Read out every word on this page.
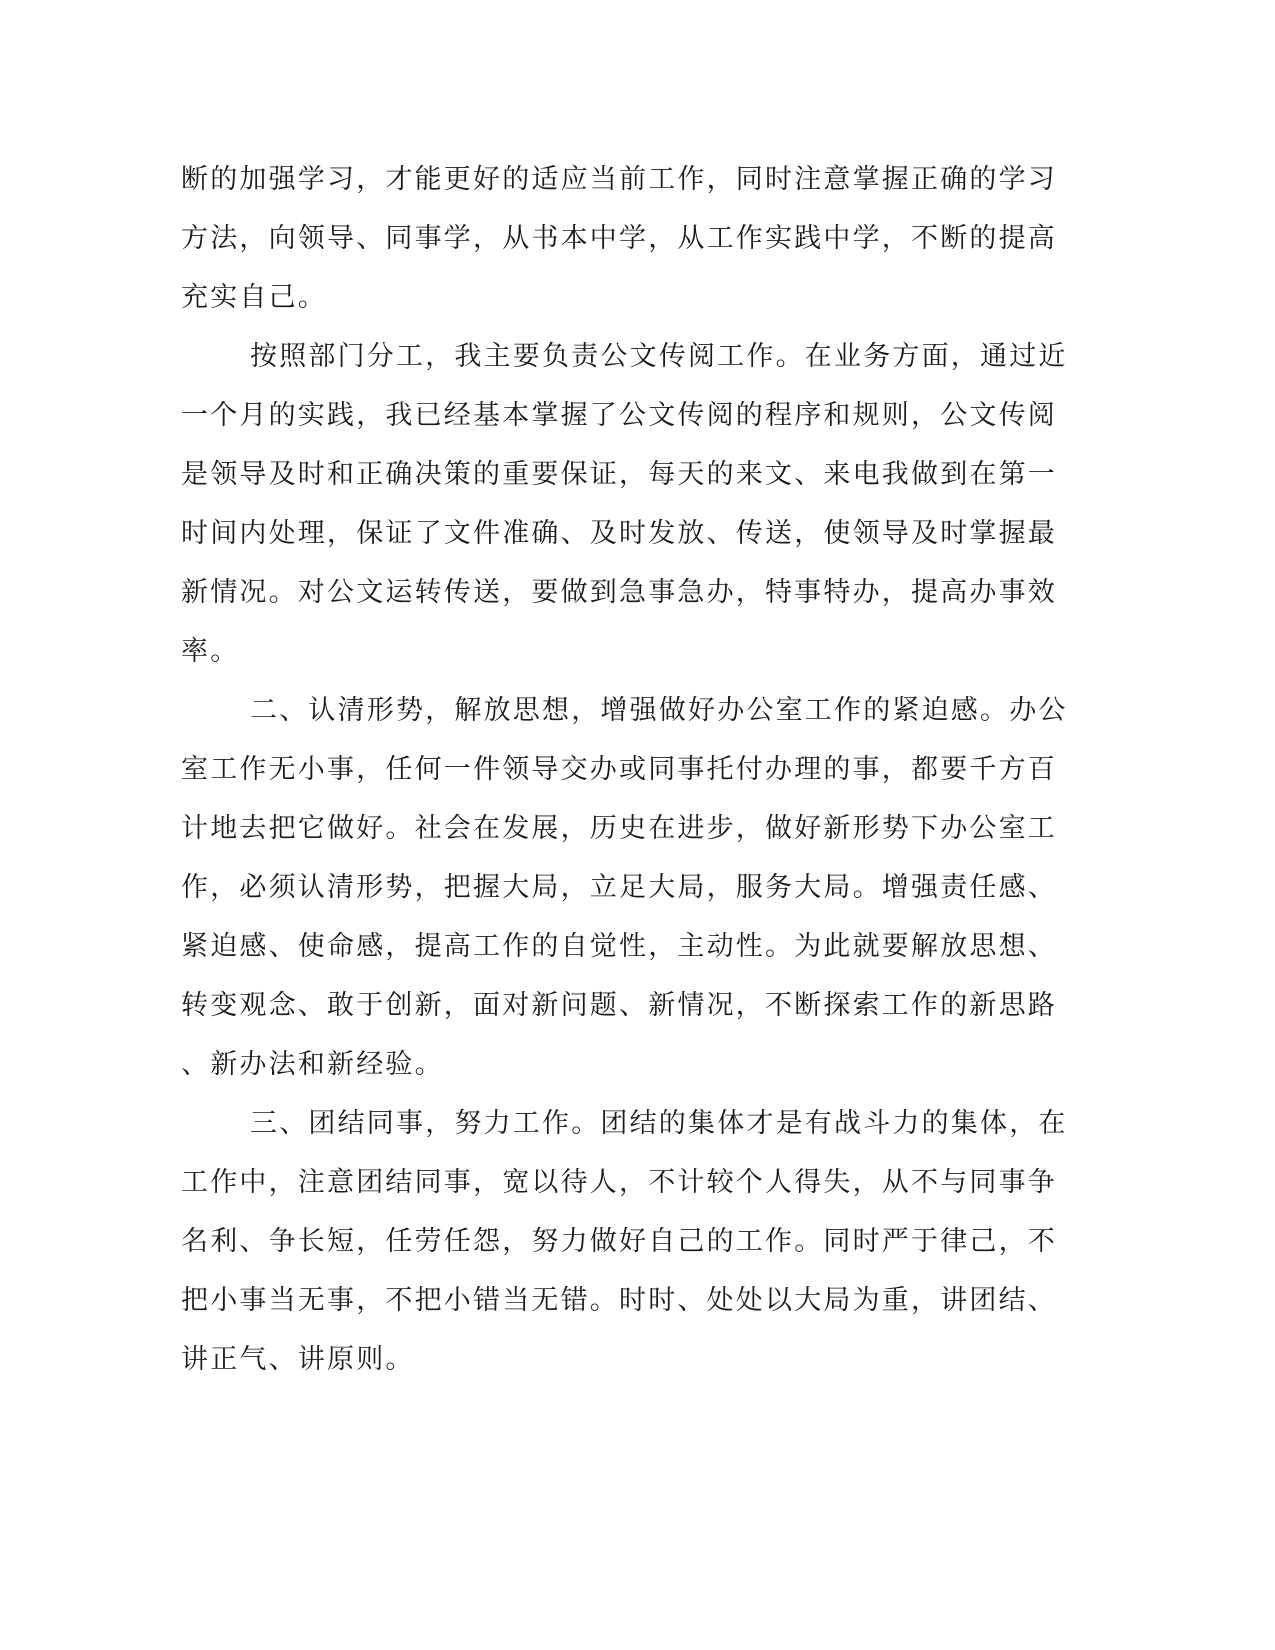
断的加强学习，才能更好的适应当前工作，同时注意掌握正确的学习
方法，向领导、同事学，从书本中学，从工作实践中学，不断的提高
充实自己。
按照部门分工，我主要负责公文传阅工作。在业务方面，通过近
一个月的实践，我已经基本掌握了公文传阅的程序和规则，公文传阅
是领导及时和正确决策的重要保证，每天的来文、来电我做到在第一
时间内处理，保证了文件准确、及时发放、传送，使领导及时掌握最
新情况。对公文运转传送，要做到急事急办，特事特办，提高办事效
率。
二、认清形势，解放思想，增强做好办公室工作的紧迫感。办公
室工作无小事，任何一件领导交办或同事托付办理的事，都要千方百
计地去把它做好。社会在发展，历史在进步，做好新形势下办公室工
作，必须认清形势，把握大局，立足大局，服务大局。增强责任感、
紧迫感、使命感，提高工作的自觉性，主动性。为此就要解放思想、
转变观念、敢于创新，面对新问题、新情况，不断探索工作的新思路
、新办法和新经验。
三、团结同事，努力工作。团结的集体才是有战斗力的集体，在
工作中，注意团结同事，宽以待人，不计较个人得失，从不与同事争
名利、争长短，任劳任怨，努力做好自己的工作。同时严于律己，不
把小事当无事，不把小错当无错。时时、处处以大局为重，讲团结、
讲正气、讲原则。
